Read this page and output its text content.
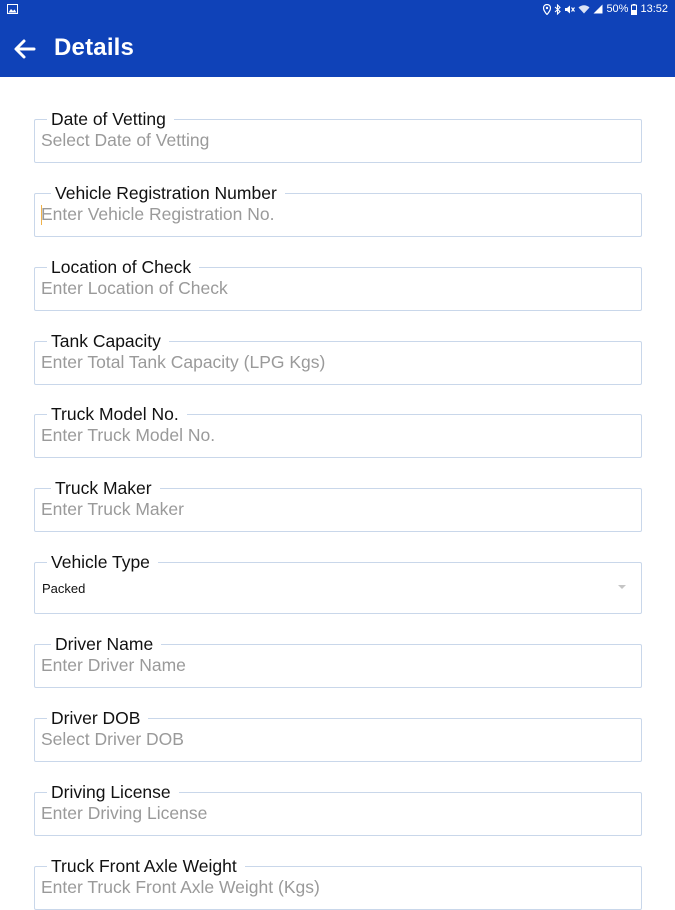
50% 13:52
Details
Date of Vetting
Select Date of Vetting
Vehicle Registration Number
Enter Vehicle Registration No.
Location of Check
Enter Location of Check
Tank Capacity
Enter Total Tank Capacity (LPG Kgs)
Truck Model No.
Enter Truck Model No.
Truck Maker
Enter Truck Maker
Vehicle Type
Packed
Driver Name
Enter Driver Name
Driver DOB
Select Driver DOB
Driving License
Enter Driving License
Truck Front Axle Weight
Enter Truck Front Axle Weight (Kgs)
